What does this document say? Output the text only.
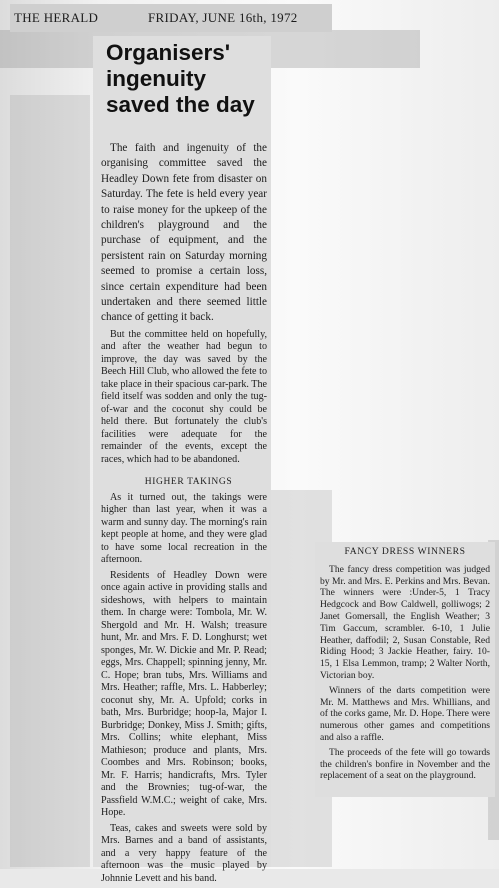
THE HERALD	FRIDAY, JUNE 16th, 1972
Organisers' ingenuity saved the day

The faith and ingenuity of the organising committee saved the Headley Down fete from disaster on Saturday. The fete is held every year to raise money for the upkeep of the children's playground and the purchase of equipment, and the persistent rain on Saturday morning seemed to promise a certain loss, since certain expenditure had been undertaken and there seemed little chance of getting it back.

But the committee held on hopefully, and after the weather had begun to improve, the day was saved by the Beech Hill Club, who allowed the fete to take place in their spacious car-park. The field itself was sodden and only the tug-of-war and the coconut shy could be held there. But fortunately the club's facilities were adequate for the remainder of the events, except the races, which had to be abandoned.

HIGHER TAKINGS

As it turned out, the takings were higher than last year, when it was a warm and sunny day. The morning's rain kept people at home, and they were glad to have some local recreation in the afternoon.

Residents of Headley Down were once again active in providing stalls and sideshows, with helpers to maintain them. In charge were: Tombola, Mr. W. Shergold and Mr. H. Walsh; treasure hunt, Mr. and Mrs. F. D. Longhurst; wet sponges, Mr. W. Dickie and Mr. P. Read; eggs, Mrs. Chappell; spinning jenny, Mr. C. Hope; bran tubs, Mrs. Williams and Mrs. Heather; raffle, Mrs. L. Habberley; coconut shy, Mr. A. Upfold; corks in bath, Mrs. Burbridge; hoop-la, Major I. Burbridge; Donkey, Miss J. Smith; gifts, Mrs. Collins; white elephant, Miss Mathieson; produce and plants, Mrs. Coombes and Mrs. Robinson; books, Mr. F. Harris; handicrafts, Mrs. Tyler and the Brownies; tug-of-war, the Passfield W.M.C.; weight of cake, Mrs. Hope.

Teas, cakes and sweets were sold by Mrs. Barnes and a band of assistants, and a very happy feature of the afternoon was the music played by Johnnie Levett and his band.

FANCY DRESS WINNERS

The fancy dress competition was judged by Mr. and Mrs. E. Perkins and Mrs. Bevan. The winners were :Under-5, 1 Tracy Hedgcock and Bow Caldwell, golliwogs; 2 Janet Gomersall, the English Weather; 3 Tim Gaccum, scrambler. 6-10, 1 Julie Heather, daffodil; 2, Susan Constable, Red Riding Hood; 3 Jackie Heather, fairy. 10-15, 1 Elsa Lemmon, tramp; 2 Walter North, Victorian boy.

Winners of the darts competition were Mr. M. Matthews and Mrs. Whillians, and of the corks game, Mr. D. Hope. There were numerous other games and competitions and also a raffle.

The proceeds of the fete will go towards the children's bonfire in November and the replacement of a seat on the playground.
